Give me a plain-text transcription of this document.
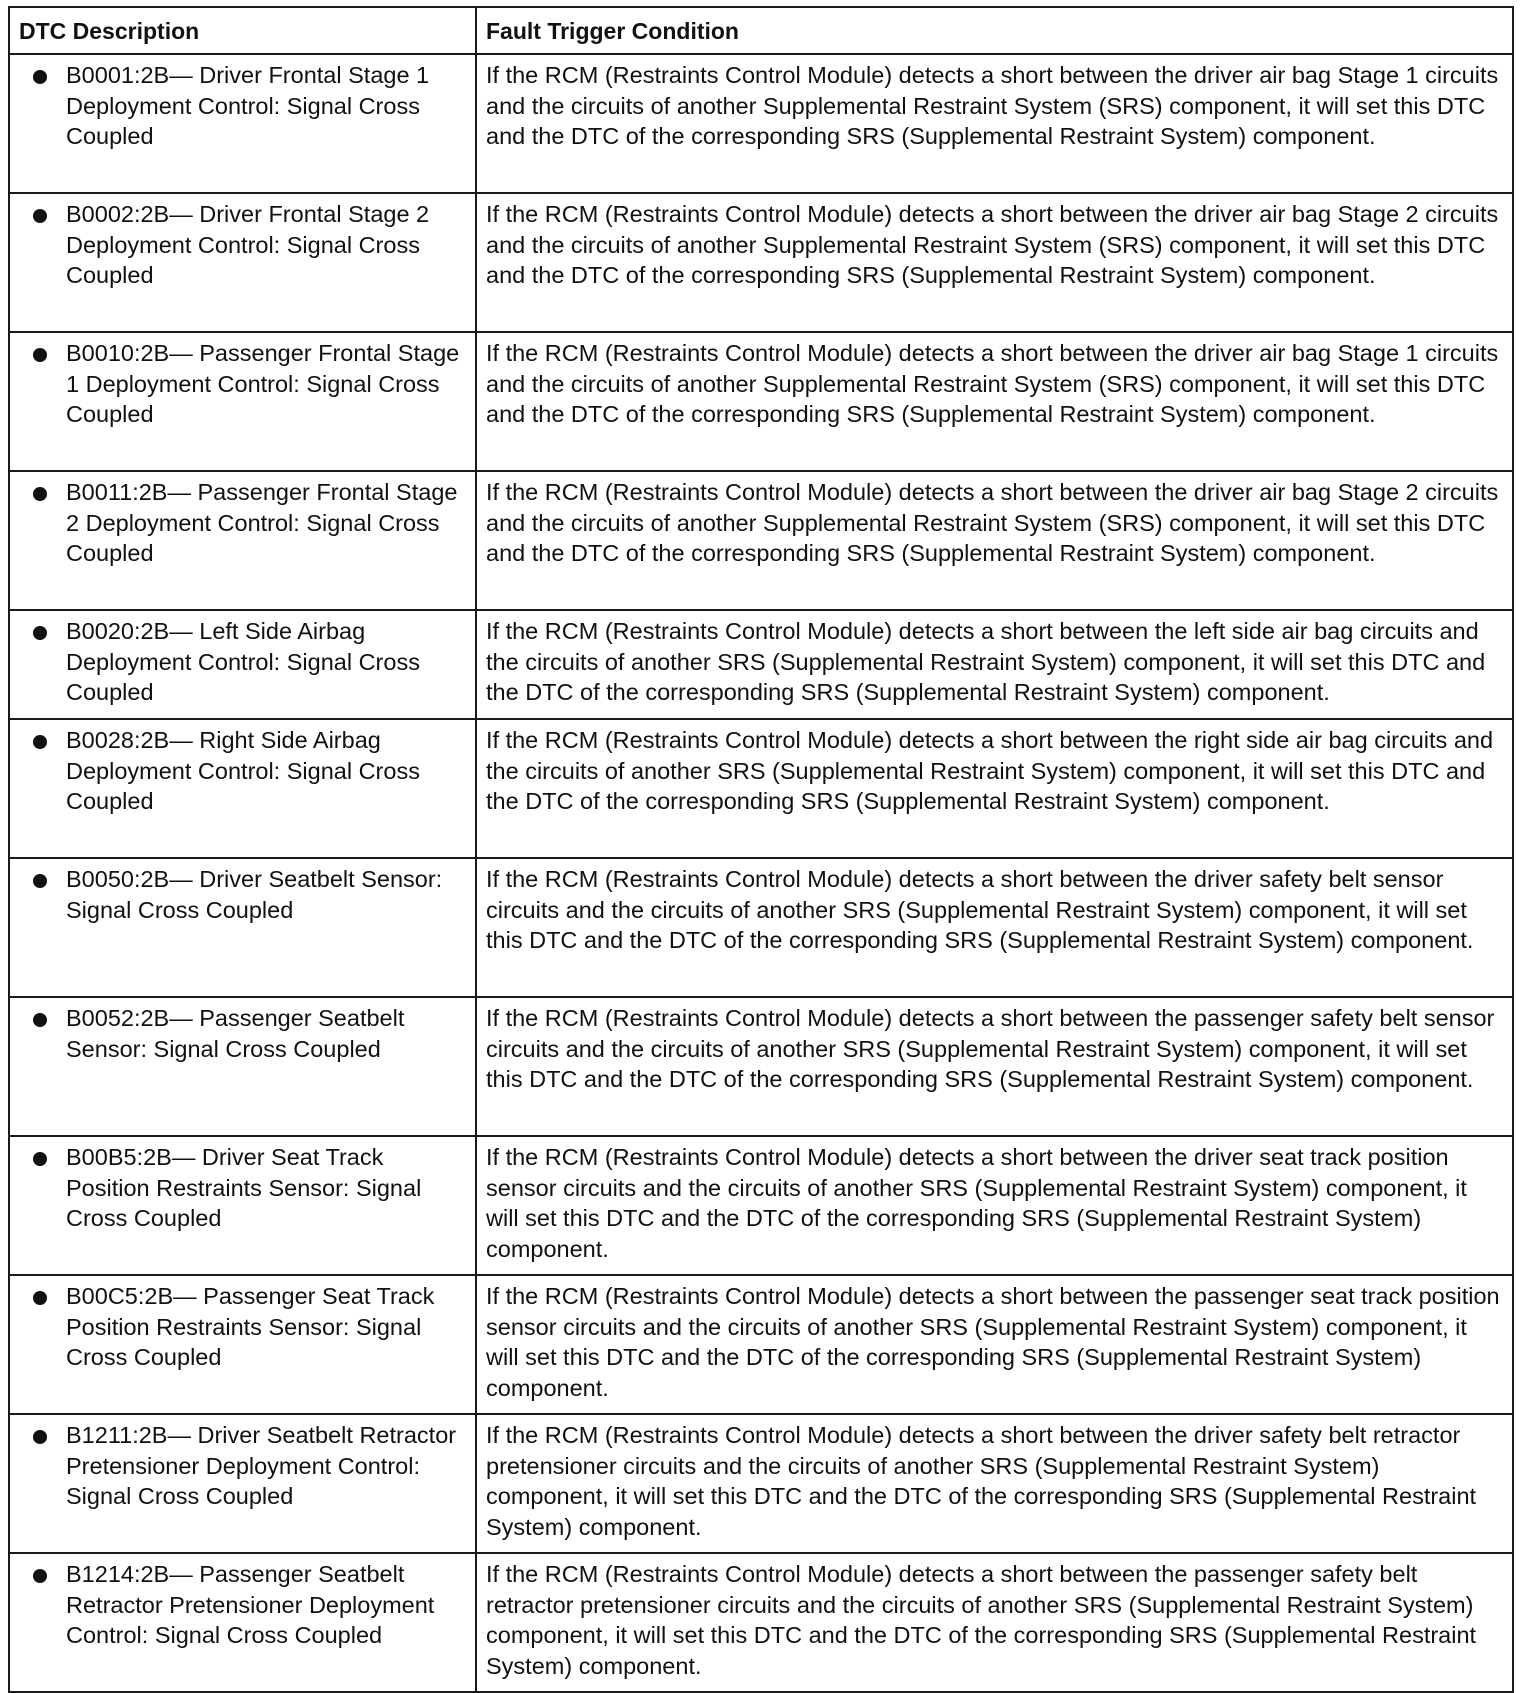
DTC Description	Fault Trigger Condition

B0001:2B— Driver Frontal Stage 1 Deployment Control: Signal Cross Coupled	If the RCM (Restraints Control Module) detects a short between the driver air bag Stage 1 circuits and the circuits of another Supplemental Restraint System (SRS) component, it will set this DTC and the DTC of the corresponding SRS (Supplemental Restraint System) component.

B0002:2B— Driver Frontal Stage 2 Deployment Control: Signal Cross Coupled	If the RCM (Restraints Control Module) detects a short between the driver air bag Stage 2 circuits and the circuits of another Supplemental Restraint System (SRS) component, it will set this DTC and the DTC of the corresponding SRS (Supplemental Restraint System) component.

B0010:2B— Passenger Frontal Stage 1 Deployment Control: Signal Cross Coupled	If the RCM (Restraints Control Module) detects a short between the driver air bag Stage 1 circuits and the circuits of another Supplemental Restraint System (SRS) component, it will set this DTC and the DTC of the corresponding SRS (Supplemental Restraint System) component.

B0011:2B— Passenger Frontal Stage 2 Deployment Control: Signal Cross Coupled	If the RCM (Restraints Control Module) detects a short between the driver air bag Stage 2 circuits and the circuits of another Supplemental Restraint System (SRS) component, it will set this DTC and the DTC of the corresponding SRS (Supplemental Restraint System) component.

B0020:2B— Left Side Airbag Deployment Control: Signal Cross Coupled	If the RCM (Restraints Control Module) detects a short between the left side air bag circuits and the circuits of another SRS (Supplemental Restraint System) component, it will set this DTC and the DTC of the corresponding SRS (Supplemental Restraint System) component.

B0028:2B— Right Side Airbag Deployment Control: Signal Cross Coupled	If the RCM (Restraints Control Module) detects a short between the right side air bag circuits and the circuits of another SRS (Supplemental Restraint System) component, it will set this DTC and the DTC of the corresponding SRS (Supplemental Restraint System) component.

B0050:2B— Driver Seatbelt Sensor: Signal Cross Coupled	If the RCM (Restraints Control Module) detects a short between the driver safety belt sensor circuits and the circuits of another SRS (Supplemental Restraint System) component, it will set this DTC and the DTC of the corresponding SRS (Supplemental Restraint System) component.

B0052:2B— Passenger Seatbelt Sensor: Signal Cross Coupled	If the RCM (Restraints Control Module) detects a short between the passenger safety belt sensor circuits and the circuits of another SRS (Supplemental Restraint System) component, it will set this DTC and the DTC of the corresponding SRS (Supplemental Restraint System) component.

B00B5:2B— Driver Seat Track Position Restraints Sensor: Signal Cross Coupled	If the RCM (Restraints Control Module) detects a short between the driver seat track position sensor circuits and the circuits of another SRS (Supplemental Restraint System) component, it will set this DTC and the DTC of the corresponding SRS (Supplemental Restraint System) component.

B00C5:2B— Passenger Seat Track Position Restraints Sensor: Signal Cross Coupled	If the RCM (Restraints Control Module) detects a short between the passenger seat track position sensor circuits and the circuits of another SRS (Supplemental Restraint System) component, it will set this DTC and the DTC of the corresponding SRS (Supplemental Restraint System) component.

B1211:2B— Driver Seatbelt Retractor Pretensioner Deployment Control: Signal Cross Coupled	If the RCM (Restraints Control Module) detects a short between the driver safety belt retractor pretensioner circuits and the circuits of another SRS (Supplemental Restraint System) component, it will set this DTC and the DTC of the corresponding SRS (Supplemental Restraint System) component.

B1214:2B— Passenger Seatbelt Retractor Pretensioner Deployment Control: Signal Cross Coupled	If the RCM (Restraints Control Module) detects a short between the passenger safety belt retractor pretensioner circuits and the circuits of another SRS (Supplemental Restraint System) component, it will set this DTC and the DTC of the corresponding SRS (Supplemental Restraint System) component.
